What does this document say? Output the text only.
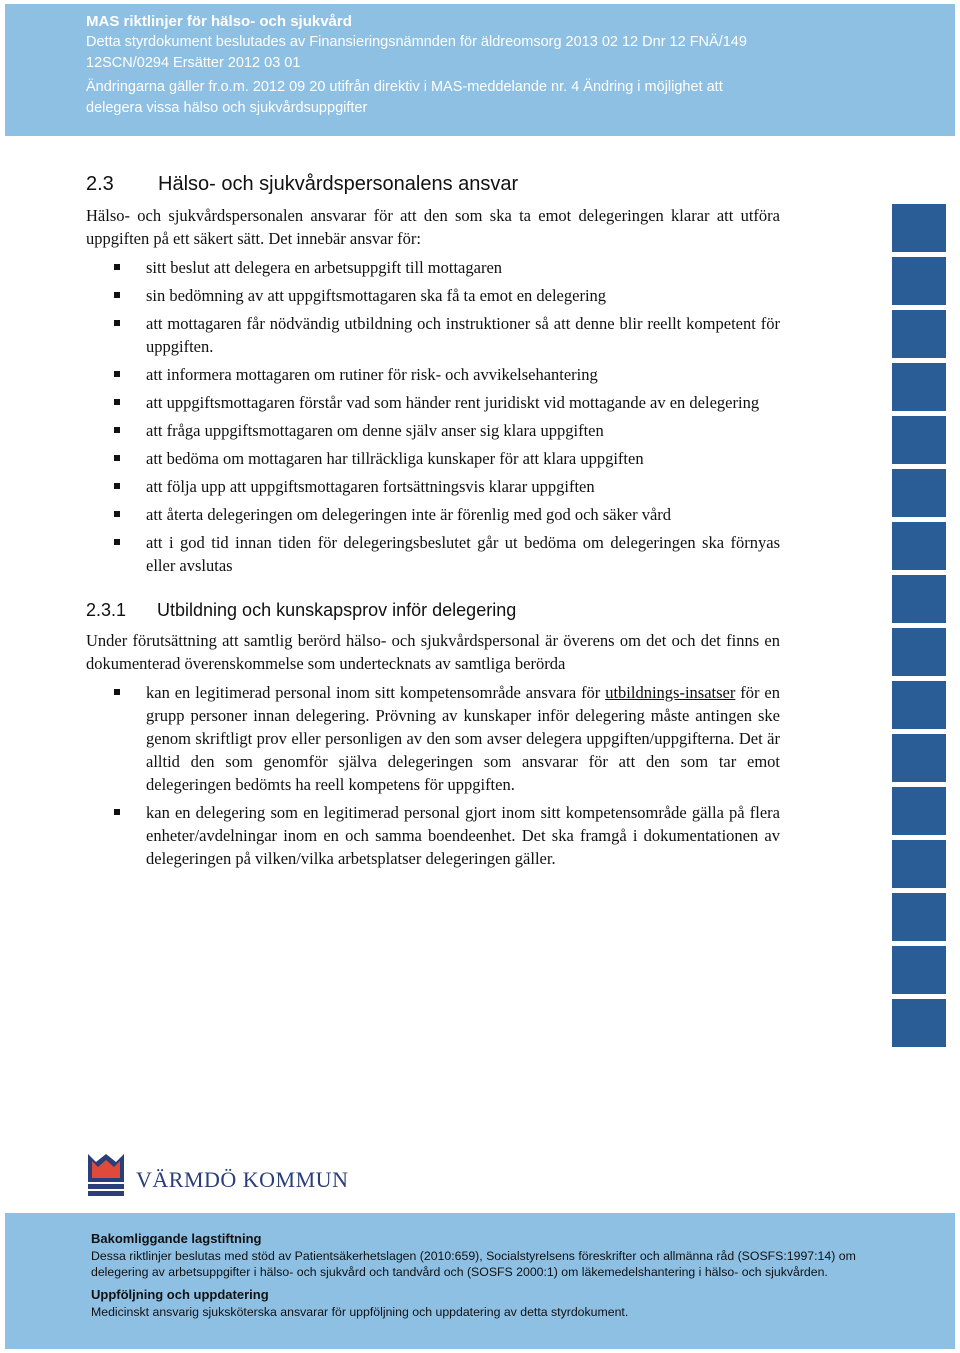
MAS riktlinjer för hälso- och sjukvård
Detta styrdokument beslutades av Finansieringsnämnden för äldreomsorg 2013 02 12 Dnr 12 FNÄ/149
12SCN/0294 Ersätter 2012 03 01
Ändringarna gäller fr.o.m. 2012 09 20 utifrån direktiv i MAS-meddelande nr. 4 Ändring i möjlighet att
delegera vissa hälso och sjukvårdsuppgifter
2.3	Hälso- och sjukvårdspersonalens ansvar

Hälso- och sjukvårdspersonalen ansvarar för att den som ska ta emot delegeringen klarar att utföra uppgiften på ett säkert sätt. Det innebär ansvar för:

sitt beslut att delegera en arbetsuppgift till mottagaren
sin bedömning av att uppgiftsmottagaren ska få ta emot en delegering
att mottagaren får nödvändig utbildning och instruktioner så att denne blir reellt kompetent för uppgiften.
att informera mottagaren om rutiner för risk- och avvikelsehantering
att uppgiftsmottagaren förstår vad som händer rent juridiskt vid mottagande av en delegering
att fråga uppgiftsmottagaren om denne själv anser sig klara uppgiften
att bedöma om mottagaren har tillräckliga kunskaper för att klara uppgiften
att följa upp att uppgiftsmottagaren fortsättningsvis klarar uppgiften
att återta delegeringen om delegeringen inte är förenlig med god och säker vård
att i god tid innan tiden för delegeringsbeslutet går ut bedöma om delegeringen ska förnyas eller avslutas
2.3.1	Utbildning och kunskapsprov inför delegering

Under förutsättning att samtlig berörd hälso- och sjukvårdspersonal är överens om det och det finns en dokumenterad överenskommelse som undertecknats av samtliga berörda

kan en legitimerad personal inom sitt kompetensområde ansvara för utbildnings-insatser för en grupp personer innan delegering. Prövning av kunskaper inför delegering måste antingen ske genom skriftligt prov eller personligen av den som avser delegera uppgiften/uppgifterna. Det är alltid den som genomför själva delegeringen som ansvarar för att den som tar emot delegeringen bedömts ha reell kompetens för uppgiften.
kan en delegering som en legitimerad personal gjort inom sitt kompetensområde gälla på flera enheter/avdelningar inom en och samma boendeenhet. Det ska framgå i dokumentationen av delegeringen på vilken/vilka arbetsplatser delegeringen gäller.
VÄRMDÖ KOMMUN
Bakomliggande lagstiftning
Dessa riktlinjer beslutas med stöd av Patientsäkerhetslagen (2010:659), Socialstyrelsens föreskrifter och allmänna råd (SOSFS:1997:14) om
delegering av arbetsuppgifter i hälso- och sjukvård och tandvård och (SOSFS 2000:1) om läkemedelshantering i hälso- och sjukvården.
Uppföljning och uppdatering
Medicinskt ansvarig sjuksköterska ansvarar för uppföljning och uppdatering av detta styrdokument.
